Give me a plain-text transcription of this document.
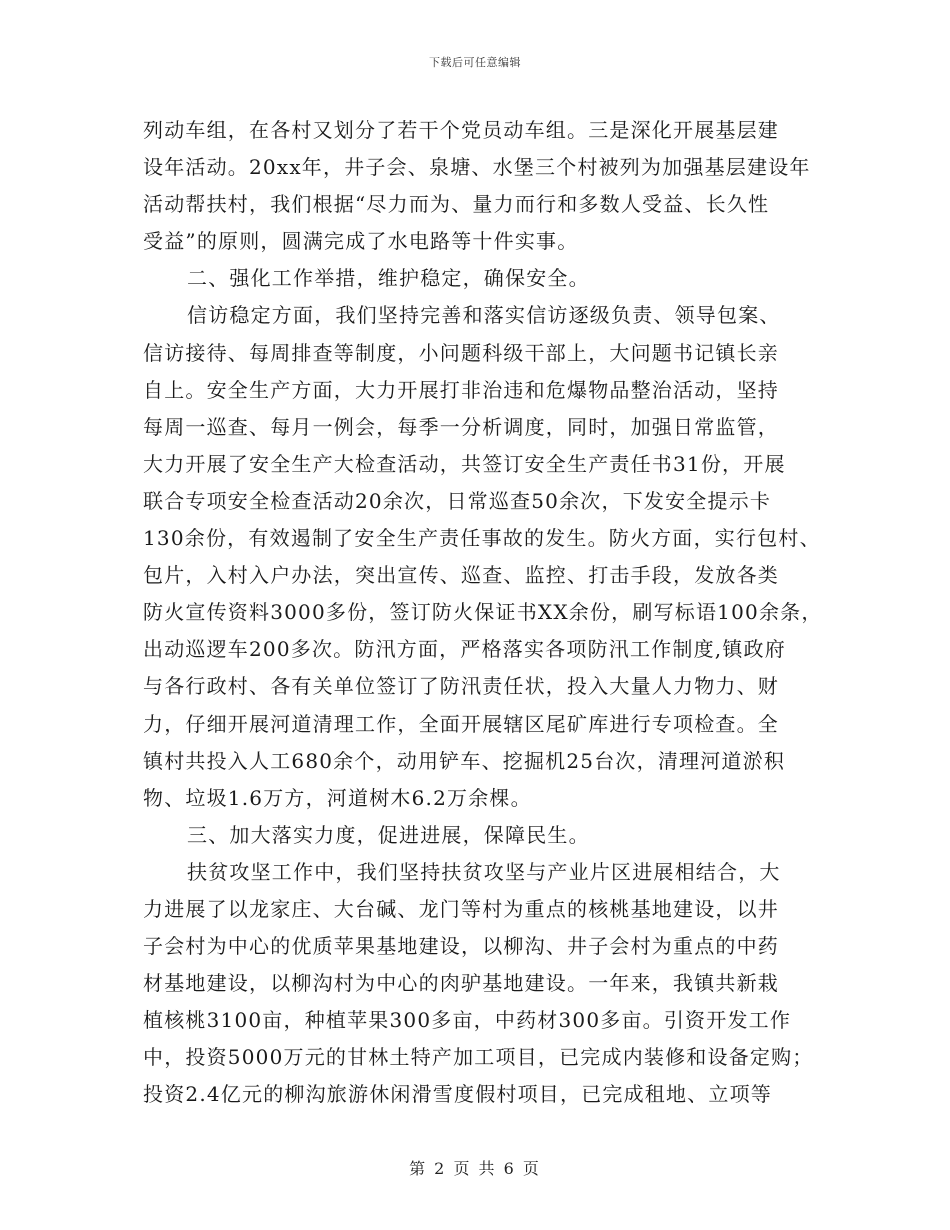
下载后可任意编辑
列动车组，在各村又划分了若干个党员动车组。三是深化开展基层建
设年活动。20xx年，井子会、泉塘、水堡三个村被列为加强基层建设年
活动帮扶村，我们根据“尽力而为、量力而行和多数人受益、长久性
受益”的原则，圆满完成了水电路等十件实事。
二、强化工作举措，维护稳定，确保安全。
信访稳定方面，我们坚持完善和落实信访逐级负责、领导包案、
信访接待、每周排查等制度，小问题科级干部上，大问题书记镇长亲
自上。安全生产方面，大力开展打非治违和危爆物品整治活动，坚持
每周一巡查、每月一例会，每季一分析调度，同时，加强日常监管，
大力开展了安全生产大检查活动，共签订安全生产责任书31份，开展
联合专项安全检查活动20余次，日常巡查50余次，下发安全提示卡
130余份，有效遏制了安全生产责任事故的发生。防火方面，实行包村、
包片，入村入户办法，突出宣传、巡查、监控、打击手段，发放各类
防火宣传资料3000多份，签订防火保证书XX余份，刷写标语100余条，
出动巡逻车200多次。防汛方面，严格落实各项防汛工作制度,镇政府
与各行政村、各有关单位签订了防汛责任状，投入大量人力物力、财
力，仔细开展河道清理工作，全面开展辖区尾矿库进行专项检查。全
镇村共投入人工680余个，动用铲车、挖掘机25台次，清理河道淤积
物、垃圾1.6万方，河道树木6.2万余棵。
三、加大落实力度，促进进展，保障民生。
扶贫攻坚工作中，我们坚持扶贫攻坚与产业片区进展相结合，大
力进展了以龙家庄、大台碱、龙门等村为重点的核桃基地建设，以井
子会村为中心的优质苹果基地建设，以柳沟、井子会村为重点的中药
材基地建设，以柳沟村为中心的肉驴基地建设。一年来，我镇共新栽
植核桃3100亩，种植苹果300多亩，中药材300多亩。引资开发工作
中，投资5000万元的甘林土特产加工项目，已完成内装修和设备定购；
投资2.4亿元的柳沟旅游休闲滑雪度假村项目，已完成租地、立项等
第 2 页 共 6 页
